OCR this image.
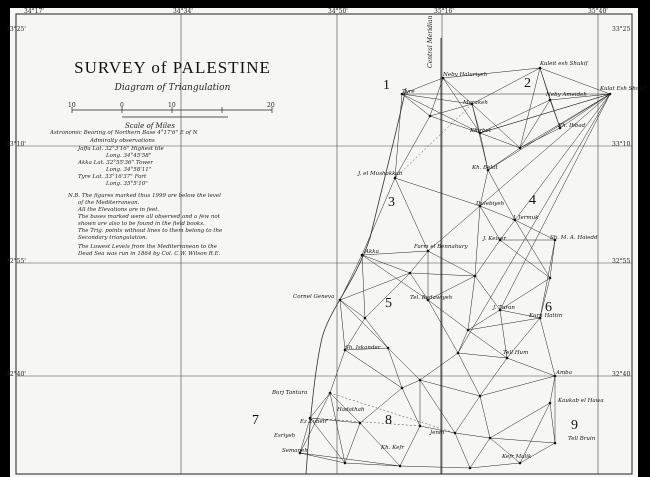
34°17'	34°34'	34°50'	35°16'	35°40'
33°25'
33°10'
32°55'
32°40'
33°25
33°10
32°55
32°40
SURVEY of PALESTINE
Diagram of Triangulation
10	0	10	20
Scale of Miles
Astronomic Bearing of Northern Base 4°17'6" E of N
Admiralty observations
Jaffa Lat. 32°3'16" Highest tile
Long. 34°45'58"
Akka Lat. 32°55'36" Tower
Long. 34°58'11"
Tyre Lat. 33°16'37" Fort
Long. 35°5'10"
N.B. The figures marked thus 1999 are below the level
of the Mediterranean.
All the Elevations are in feet.
The bases marked were all observed and a few not
shown are also to be found in the field books.
The Trig. points without lines to them belong to the
Secondary triangulation.
The Lowest Levels from the Mediterranean to the
Dead Sea was run in 1864 by Col. C.W. Wilson R.E.
1	2
3	4
5	6
7	8	9
Central Meridian
Tyre
Neby Haluriyeh
Kuleit esh Shukif
Marakeh
Neby Ameideh
Kulat Esh Shukif
Khirbet
Kh. Ibbad
J. el Mushakkah
Kh. Belat
Dulebiyeh
J. Jermuk
J. Keiser	Sh. M. A. Haiedd
Akka
Farm el Bennahury
Cornel Geneva	Tel. Bedawiyeh
J. Turan
Kurn Hattin
Sh. Iskander
Tell Hum
Amba
Burj Tantura
Kaukab el Hawa
Hadathah
Jenin
Tell Bruin
Kh. Kefr
Kefr Malik
Ez Zubeir
Esriyeh
Semaneh
